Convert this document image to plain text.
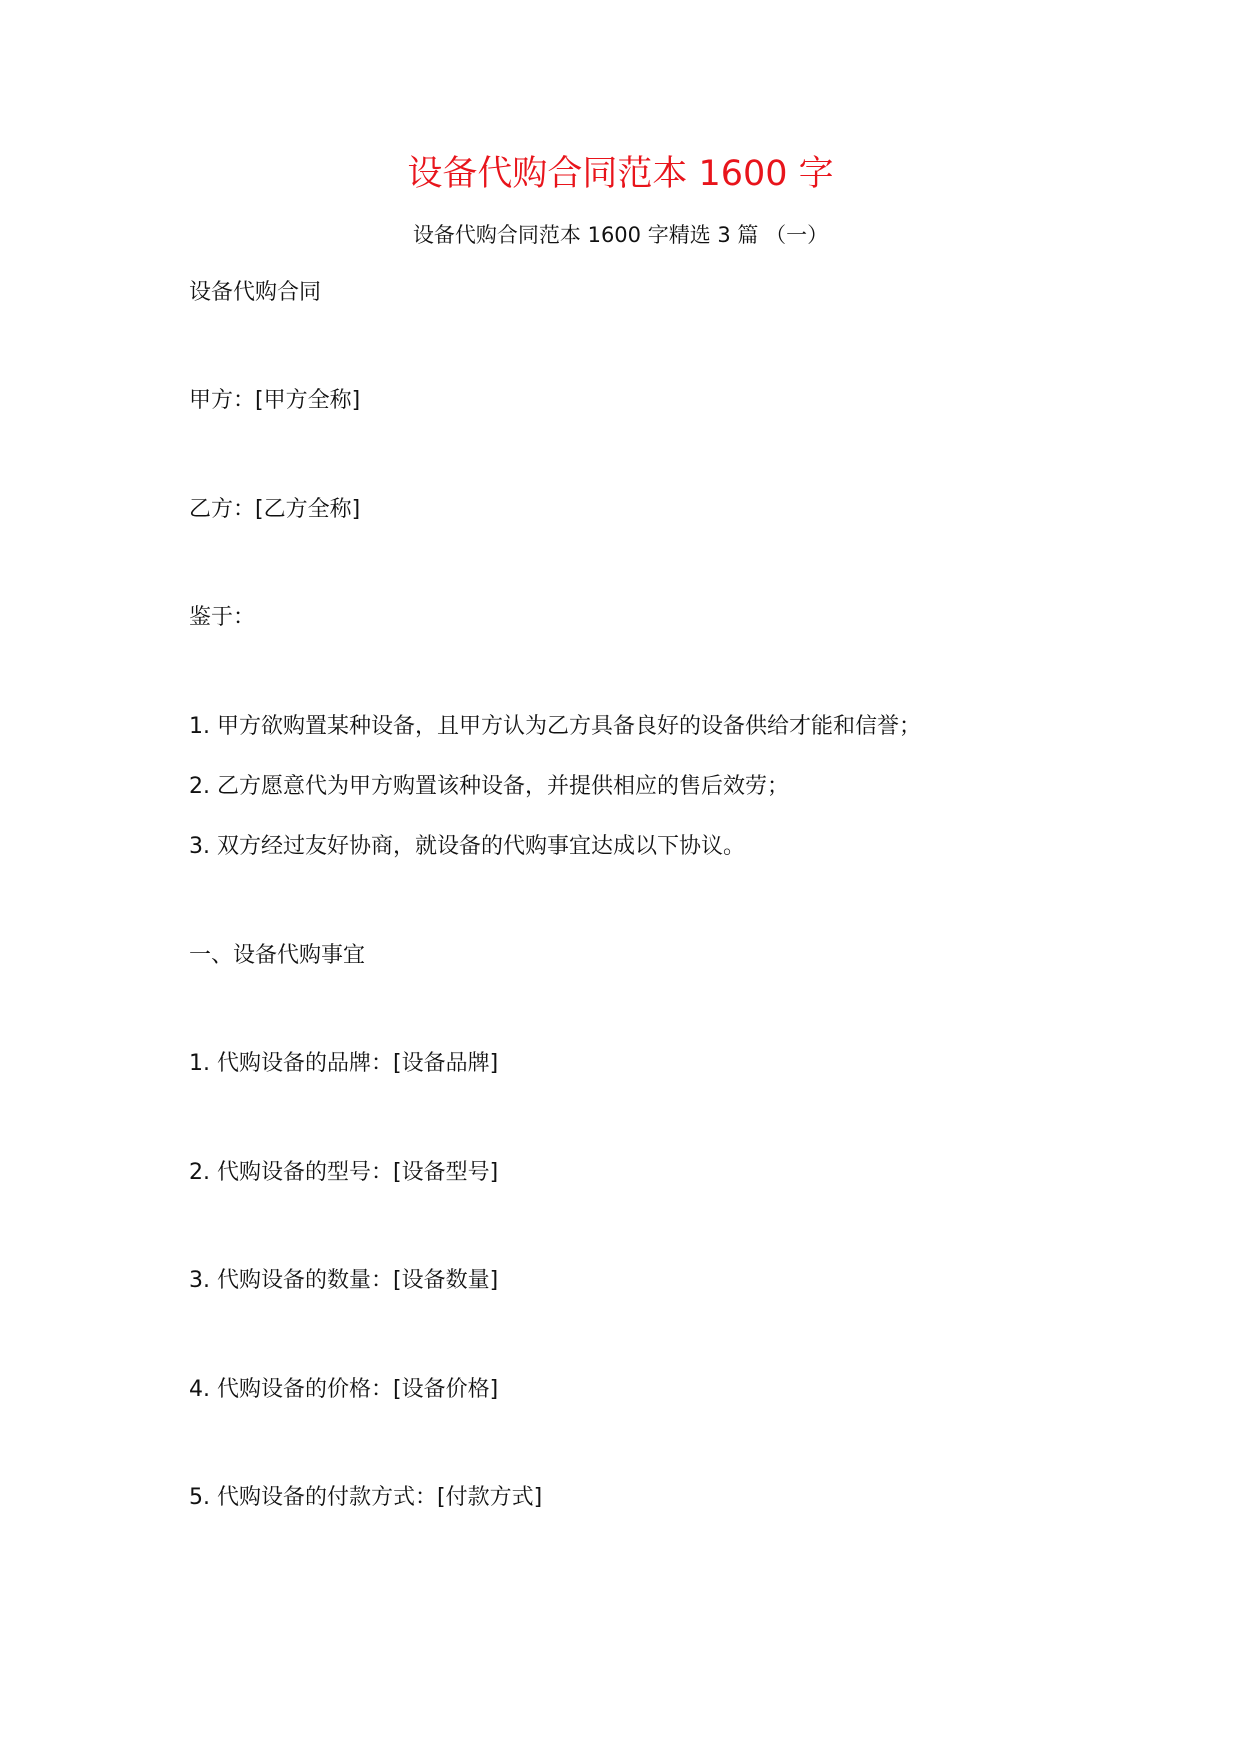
设备代购合同范本 1600 字
设备代购合同范本 1600 字精选 3 篇 （一）
设备代购合同
甲方：[甲方全称]
乙方：[乙方全称]
鉴于：
1. 甲方欲购置某种设备，且甲方认为乙方具备良好的设备供给才能和信誉；
2. 乙方愿意代为甲方购置该种设备，并提供相应的售后效劳；
3. 双方经过友好协商，就设备的代购事宜达成以下协议。
一、设备代购事宜
1. 代购设备的品牌：[设备品牌]
2. 代购设备的型号：[设备型号]
3. 代购设备的数量：[设备数量]
4. 代购设备的价格：[设备价格]
5. 代购设备的付款方式：[付款方式]
